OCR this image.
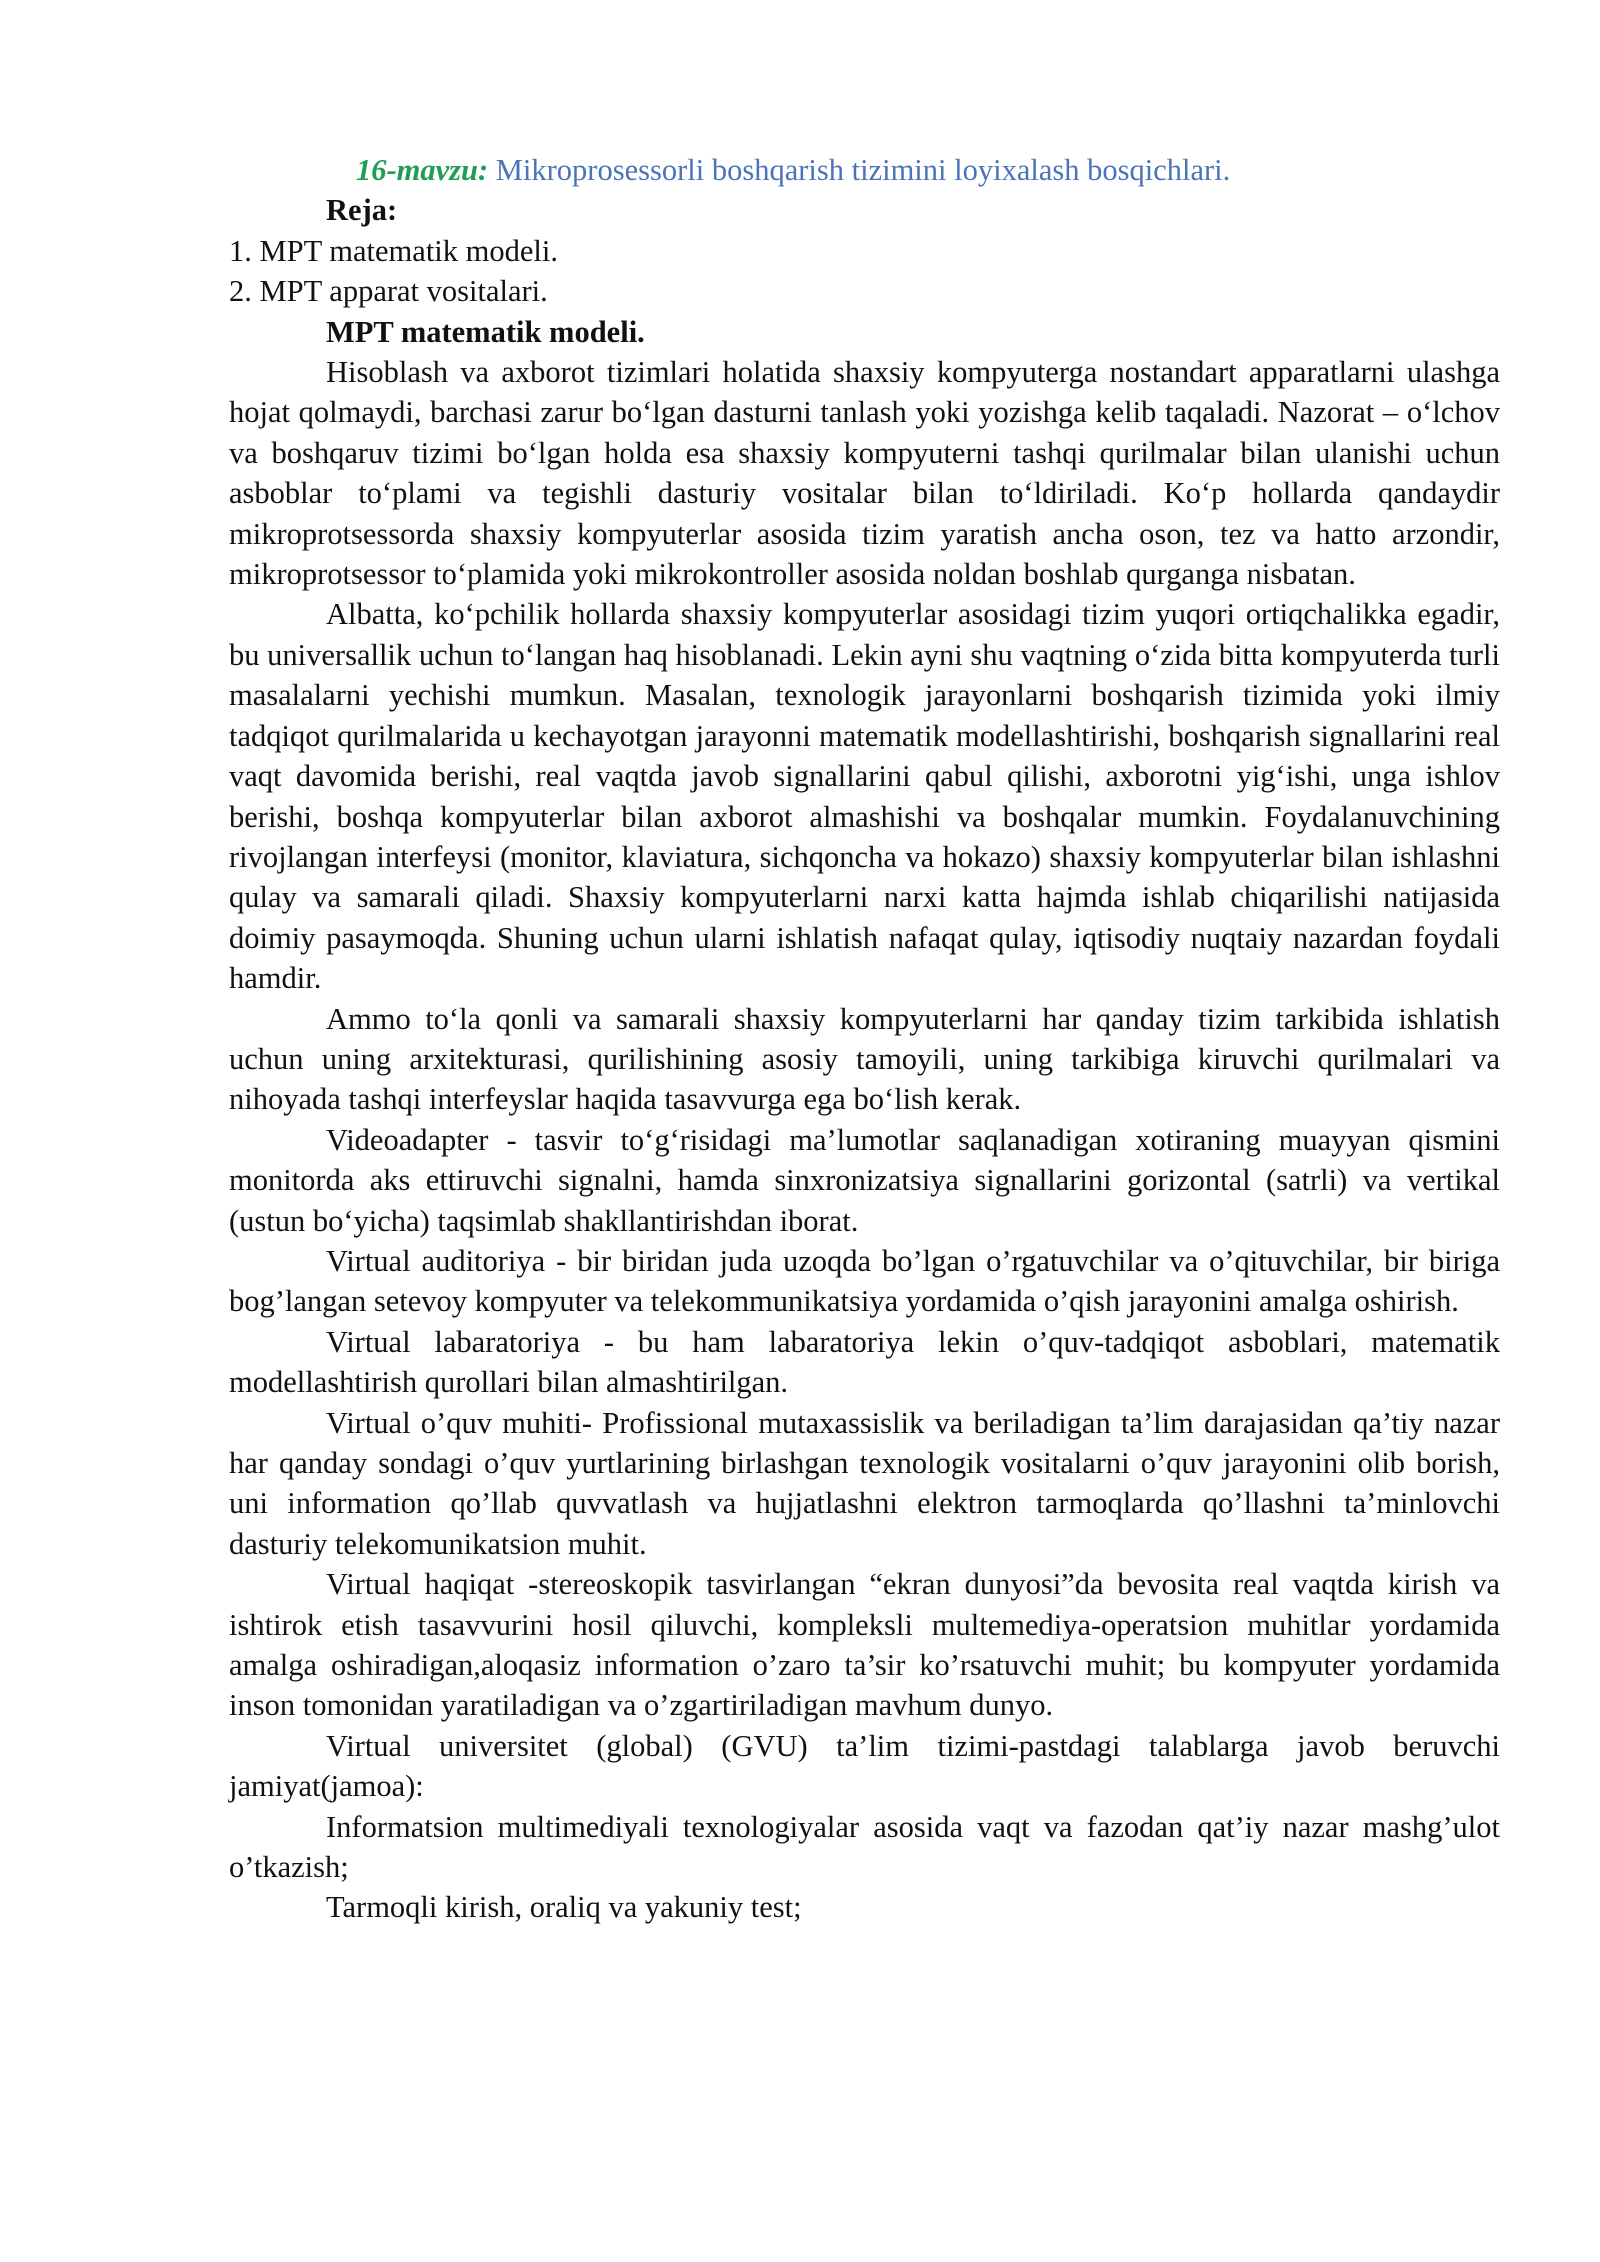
16-mavzu: Mikroprosessorli boshqarish tizimini loyixalash bosqichlari.
Reja:
1. MPT matematik modeli.
2. MPT apparat vositalari.
MPT matematik modeli.
Hisoblash va axborot tizimlari holatida shaxsiy kompyuterga nostandart apparatlarni ulashga hojat qolmaydi, barchasi zarur bo‘lgan dasturni tanlash yoki yozishga kelib taqaladi. Nazorat – o‘lchov va boshqaruv tizimi bo‘lgan holda esa shaxsiy kompyuterni tashqi qurilmalar bilan ulanishi uchun asboblar to‘plami va tegishli dasturiy vositalar bilan to‘ldiriladi. Ko‘p hollarda qandaydir mikroprotsessorda shaxsiy kompyuterlar asosida tizim yaratish ancha oson, tez va hatto arzondir, mikroprotsessor to‘plamida yoki mikrokontroller asosida noldan boshlab qurganga nisbatan.
Albatta, ko‘pchilik hollarda shaxsiy kompyuterlar asosidagi tizim yuqori ortiqchalikka egadir, bu universallik uchun to‘langan haq hisoblanadi. Lekin ayni shu vaqtning o‘zida bitta kompyuterda turli masalalarni yechishi mumkun. Masalan, texnologik jarayonlarni boshqarish tizimida yoki ilmiy tadqiqot qurilmalarida u kechayotgan jarayonni matematik modellashtirishi, boshqarish signallarini real vaqt davomida berishi, real vaqtda javob signallarini qabul qilishi, axborotni yig‘ishi, unga ishlov berishi, boshqa kompyuterlar bilan axborot almashishi va boshqalar mumkin. Foydalanuvchining rivojlangan interfeysi (monitor, klaviatura, sichqoncha va hokazo) shaxsiy kompyuterlar bilan ishlashni qulay va samarali qiladi. Shaxsiy kompyuterlarni narxi katta hajmda ishlab chiqarilishi natijasida doimiy pasaymoqda. Shuning uchun ularni ishlatish nafaqat qulay, iqtisodiy nuqtaiy nazardan foydali hamdir.
Ammo to‘la qonli va samarali shaxsiy kompyuterlarni har qanday tizim tarkibida ishlatish uchun uning arxitekturasi, qurilishining asosiy tamoyili, uning tarkibiga kiruvchi qurilmalari va nihoyada tashqi interfeyslar haqida tasavvurga ega bo‘lish kerak.
Videoadapter - tasvir to‘g‘risidagi ma’lumotlar saqlanadigan xotiraning muayyan qismini monitorda aks ettiruvchi signalni, hamda sinxronizatsiya signallarini gorizontal (satrli) va vertikal (ustun bo‘yicha) taqsimlab shakllantirishdan iborat.
Virtual auditoriya - bir biridan juda uzoqda bo’lgan o’rgatuvchilar va o’qituvchilar, bir biriga bog’langan setevoy kompyuter va telekommunikatsiya yordamida o’qish jarayonini amalga oshirish.
Virtual labaratoriya - bu ham labaratoriya lekin o’quv-tadqiqot asboblari, matematik modellashtirish qurollari bilan almashtirilgan.
Virtual o’quv muhiti- Profissional mutaxassislik va beriladigan ta’lim darajasidan qa’tiy nazar har qanday sondagi o’quv yurtlarining birlashgan texnologik vositalarni o’quv jarayonini olib borish, uni information qo’llab quvvatlash va hujjatlashni elektron tarmoqlarda qo’llashni ta’minlovchi dasturiy telekomunikatsion muhit.
Virtual haqiqat -stereoskopik tasvirlangan “ekran dunyosi”da bevosita real vaqtda kirish va ishtirok etish tasavvurini hosil qiluvchi, kompleksli multemediya-operatsion muhitlar yordamida amalga oshiradigan,aloqasiz information o’zaro ta’sir ko’rsatuvchi muhit; bu kompyuter yordamida inson tomonidan yaratiladigan va o’zgartiriladigan mavhum dunyo.
Virtual universitet (global) (GVU) ta’lim tizimi-pastdagi talablarga javob beruvchi jamiyat(jamoa):
Informatsion multimediyali texnologiyalar asosida vaqt va fazodan qat’iy nazar mashg’ulot o’tkazish;
Tarmoqli kirish, oraliq va yakuniy test;
